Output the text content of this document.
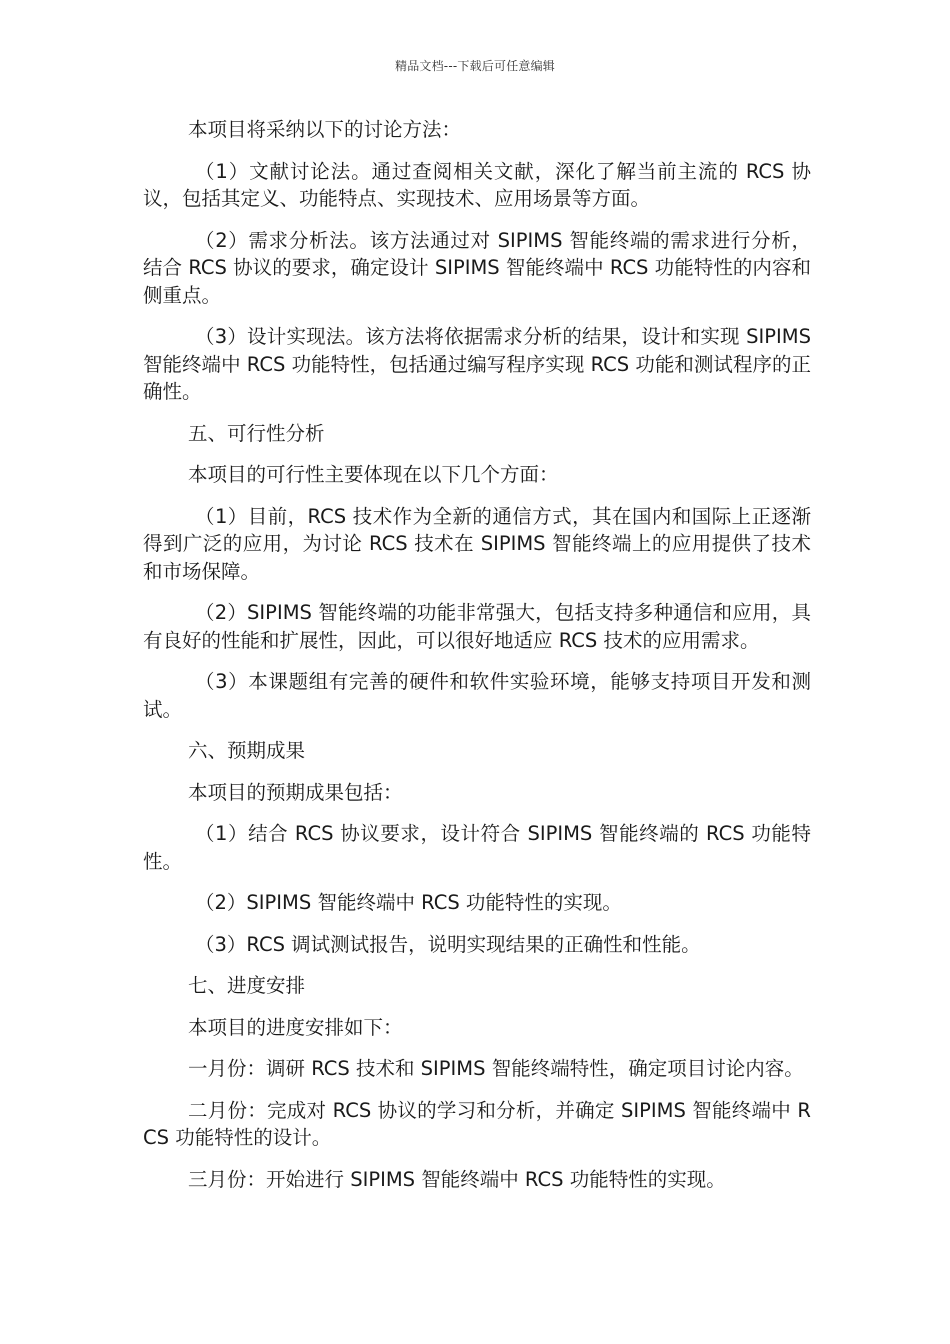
精品文档---下载后可任意编辑

本项目将采纳以下的讨论方法：

（1）文献讨论法。通过查阅相关文献，深化了解当前主流的 RCS 协议，包括其定义、功能特点、实现技术、应用场景等方面。

（2）需求分析法。该方法通过对 SIPIMS 智能终端的需求进行分析，结合 RCS 协议的要求，确定设计 SIPIMS 智能终端中 RCS 功能特性的内容和侧重点。

（3）设计实现法。该方法将依据需求分析的结果，设计和实现 SIPIMS 智能终端中 RCS 功能特性，包括通过编写程序实现 RCS 功能和测试程序的正确性。

五、可行性分析

本项目的可行性主要体现在以下几个方面：

（1）目前，RCS 技术作为全新的通信方式，其在国内和国际上正逐渐得到广泛的应用，为讨论 RCS 技术在 SIPIMS 智能终端上的应用提供了技术和市场保障。

（2）SIPIMS 智能终端的功能非常强大，包括支持多种通信和应用，具有良好的性能和扩展性，因此，可以很好地适应 RCS 技术的应用需求。

（3）本课题组有完善的硬件和软件实验环境，能够支持项目开发和测试。

六、预期成果

本项目的预期成果包括：

（1）结合 RCS 协议要求，设计符合 SIPIMS 智能终端的 RCS 功能特性。

（2）SIPIMS 智能终端中 RCS 功能特性的实现。

（3）RCS 调试测试报告，说明实现结果的正确性和性能。

七、进度安排

本项目的进度安排如下：

一月份：调研 RCS 技术和 SIPIMS 智能终端特性，确定项目讨论内容。

二月份：完成对 RCS 协议的学习和分析，并确定 SIPIMS 智能终端中 RCS 功能特性的设计。

三月份：开始进行 SIPIMS 智能终端中 RCS 功能特性的实现。
